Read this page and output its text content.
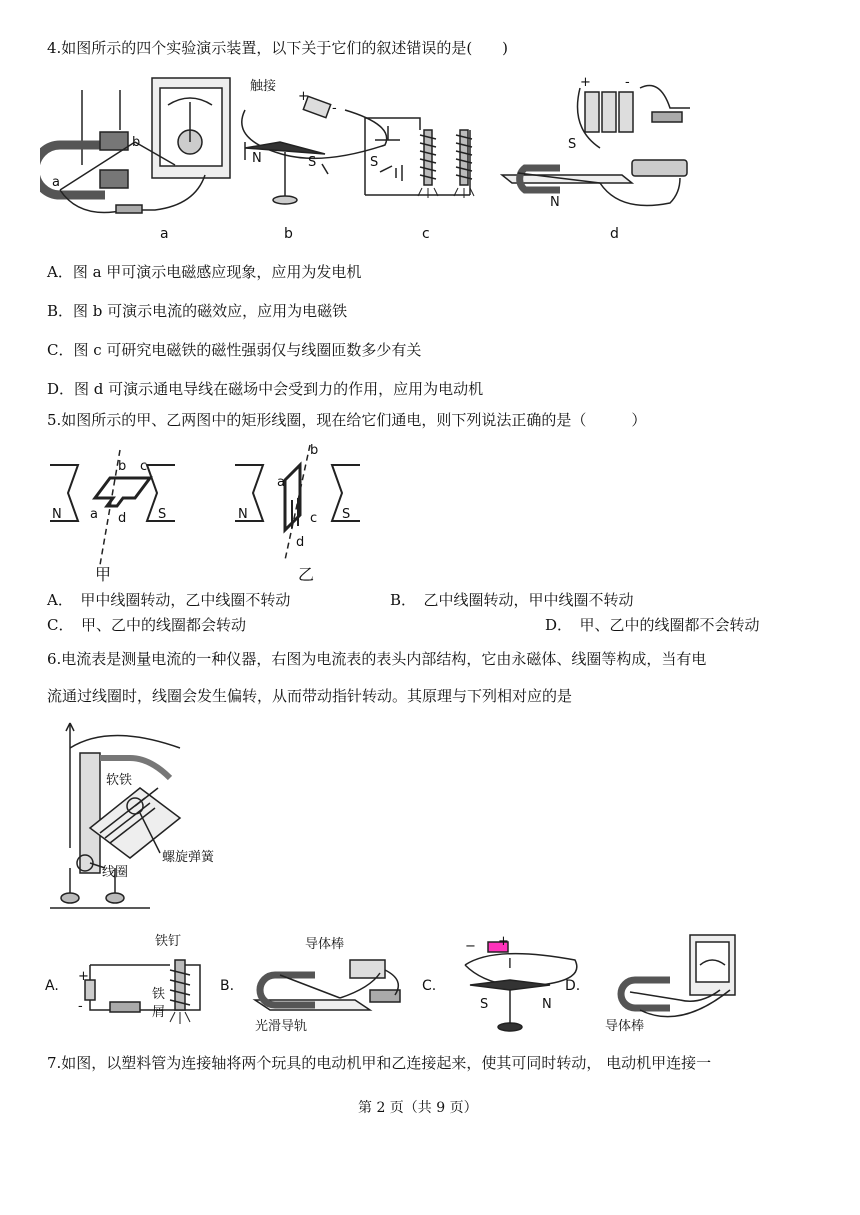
4.如图所示的四个实验演示装置，以下关于它们的叙述错误的是(　　)
a
b
触接
+
-
N	S	S
S
N
+	-
a	b	c	d
A．图 a 甲可演示电磁感应现象，应用为发电机
B．图 b 可演示电流的磁效应，应用为电磁铁
C．图 c 可研究电磁铁的磁性强弱仅与线圈匝数多少有关
D．图 d 可演示通电导线在磁场中会受到力的作用，应用为电动机
5.如图所示的甲、乙两图中的矩形线圈，现在给它们通电，则下列说法正确的是（　　　）
N	S
b c
a d
甲
N	S
b
a
c
d
乙
A．　甲中线圈转动，乙中线圈不转动	B．　乙中线圈转动，甲中线圈不转动
C．　甲、乙中的线圈都会转动	D．　甲、乙中的线圈都不会转动
6.电流表是测量电流的一种仪器，右图为电流表的表头内部结构，它由永磁体、线圈等构成，当有电
流通过线圈时，线圈会发生偏转，从而带动指针转动。其原理与下列相对应的是
软铁
螺旋弹簧
线圈
A.
铁钉
铁
屑
+
-
B.
导体棒
光滑导轨
C.
− +
I
S	N
D.
导体棒
7.如图，以塑料管为连接轴将两个玩具的电动机甲和乙连接起来，使其可同时转动， 电动机甲连接一
第 2 页（共 9 页）
